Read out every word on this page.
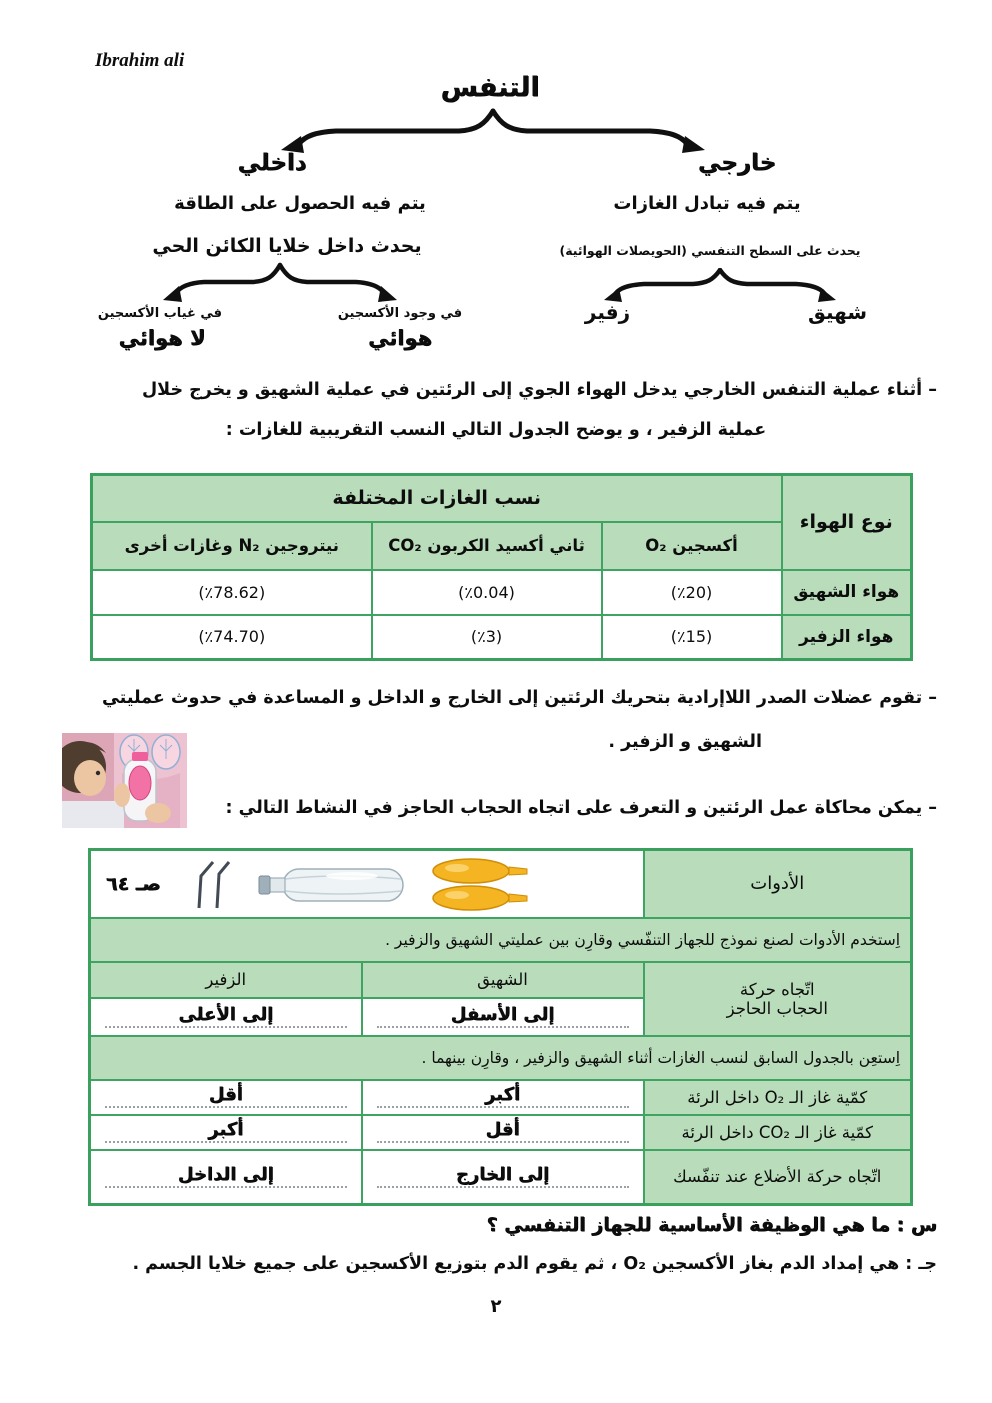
Ibrahim ali
التنفس
داخلي	خارجي
يتم فيه الحصول على الطاقة	يتم فيه تبادل الغازات
يحدث داخل خلايا الكائن الحي	يحدث على السطح التنفسي (الحويصلات الهوائية)
في غياب الأكسجين	في وجود الأكسجين	زفير	شهيق
لا هوائي	هوائي
– أثناء عملية التنفس الخارجي يدخل الهواء الجوي إلى الرئتين في عملية الشهيق و يخرج خلال
عملية الزفير ، و يوضح الجدول التالي النسب التقريبية للغازات :
نوع الهواء	نسب الغازات المختلفة		
	أكسجين O₂	ثاني أكسيد الكربون CO₂	نيتروجين N₂ وغازات أخرى
هواء الشهيق	(٪20)	(٪0.04)	(٪78.62)
هواء الزفير	(٪15)	(٪3)	(٪74.70)
– تقوم عضلات الصدر اللاإرادية بتحريك الرئتين إلى الخارج و الداخل و المساعدة في حدوث عمليتي
الشهيق و الزفير .
– يمكن محاكاة عمل الرئتين و التعرف على اتجاه الحجاب الحاجز في النشاط التالي :
الأدوات	صـ ٦٤	

اِستخدم الأدوات لصنع نموذج للجهاز التنفّسي وقارِن بين عمليتي الشهيق والزفير .		

اتّجاه حركة
الحجاب الحاجز	الشهيق	الزفير

	إلى الأسفل	إلى الأعلى

اِستعِن بالجدول السابق لنسب الغازات أثناء الشهيق والزفير ، وقارِن بينهما .		
كمّية غاز الـ O₂ داخل الرئة	أكبر	أقل

كمّية غاز الـ CO₂ داخل الرئة	أقل	أكبر

اتّجاه حركة الأضلاع عند تنفّسك	إلى الخارج	إلى الداخل
س : ما هي الوظيفة الأساسية للجهاز التنفسي ؟
جـ : هي إمداد الدم بغاز الأكسجين O₂ ، ثم يقوم الدم بتوزيع الأكسجين على جميع خلايا الجسم .
٢
